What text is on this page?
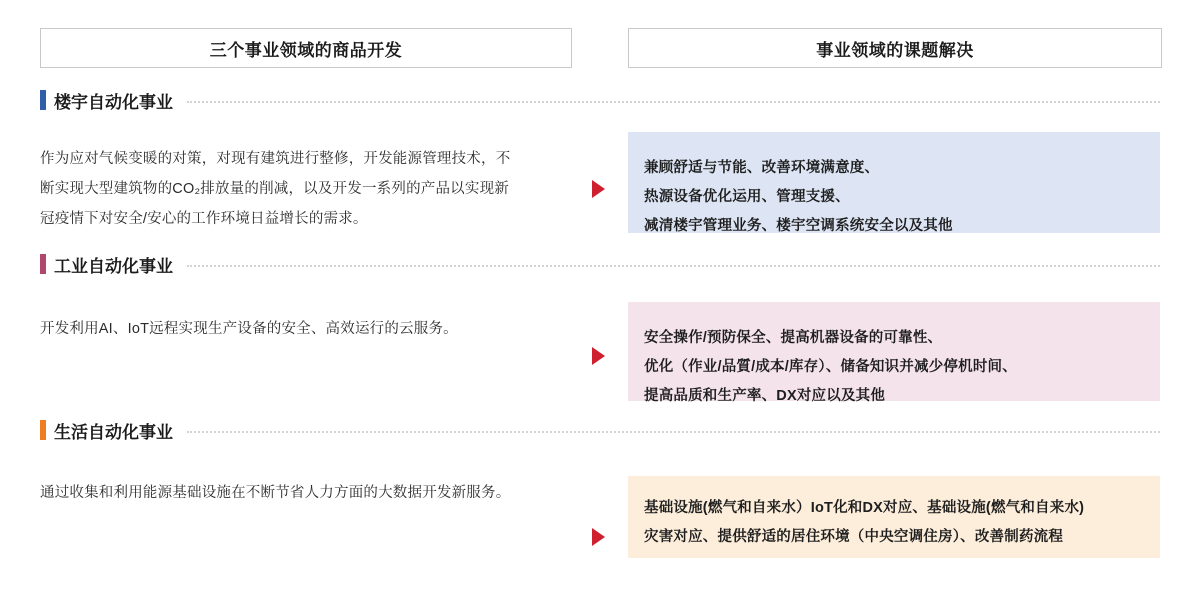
三个事业领域的商品开发	事业领域的课题解决
楼宇自动化事业
作为应对气候变暖的对策，对现有建筑进行整修，开发能源管理技术，不
断实现大型建筑物的CO₂排放量的削减，以及开发一系列的产品以实现新
冠疫情下对安全/安心的工作环境日益增长的需求。
兼顾舒适与节能、改善环境满意度、
热源设备优化运用、管理支援、
减清楼宇管理业务、楼宇空调系统安全以及其他
工业自动化事业
开发利用AI、IoT远程实现生产设备的安全、高效运行的云服务。
安全操作/预防保全、提高机器设备的可靠性、
优化（作业/品質/成本/库存）、储备知识并减少停机时间、
提高品质和生产率、DX对应以及其他
生活自动化事业
通过收集和利用能源基础设施在不断节省人力方面的大数据开发新服务。
基础设施(燃气和自来水）IoT化和DX对应、基础设施(燃气和自来水)
灾害对应、提供舒适的居住环境（中央空调住房）、改善制药流程
